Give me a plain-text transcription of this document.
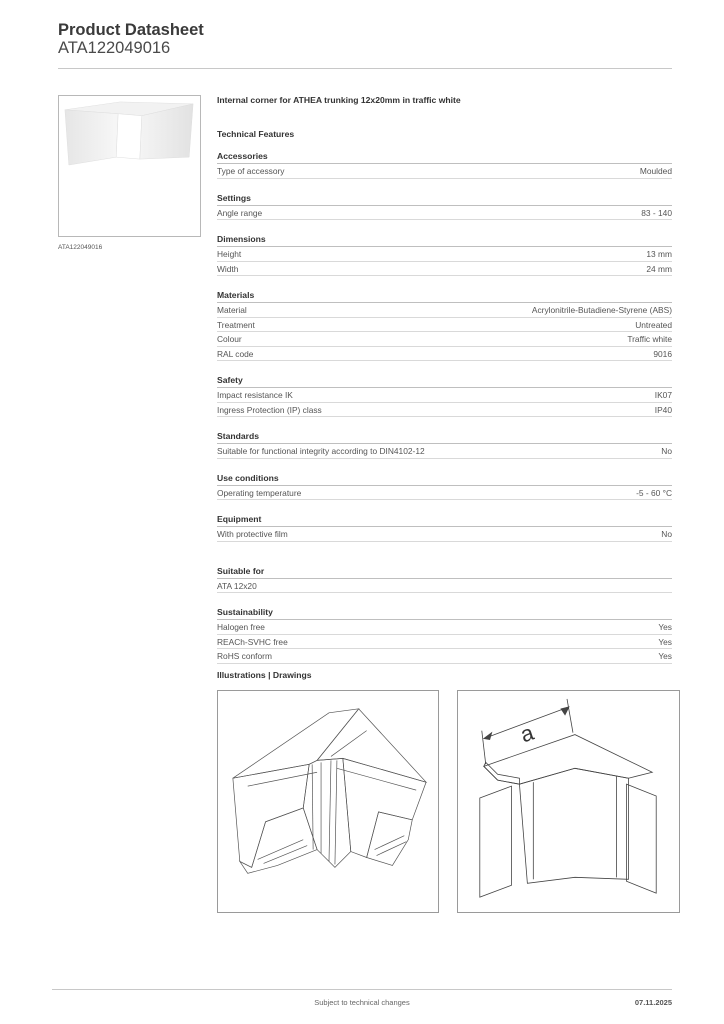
Product Datasheet
ATA122049016
ATA122049016
Internal corner for ATHEA trunking 12x20mm in traffic white
Technical Features
Accessories
Type of accessory	Moulded
Settings
Angle range	83 - 140
Dimensions
Height	13 mm
Width	24 mm
Materials
Material	Acrylonitrile-Butadiene-Styrene (ABS)
Treatment	Untreated
Colour	Traffic white
RAL code	9016
Safety
Impact resistance IK	IK07
Ingress Protection (IP) class	IP40
Standards
Suitable for functional integrity according to DIN4102-12	No
Use conditions
Operating temperature	-5 - 60 °C
Equipment
With protective film	No
Suitable for
ATA 12x20
Sustainability
Halogen free	Yes
REACh-SVHC free	Yes
RoHS conform	Yes
Illustrations | Drawings
a
Subject to technical changes	07.11.2025
